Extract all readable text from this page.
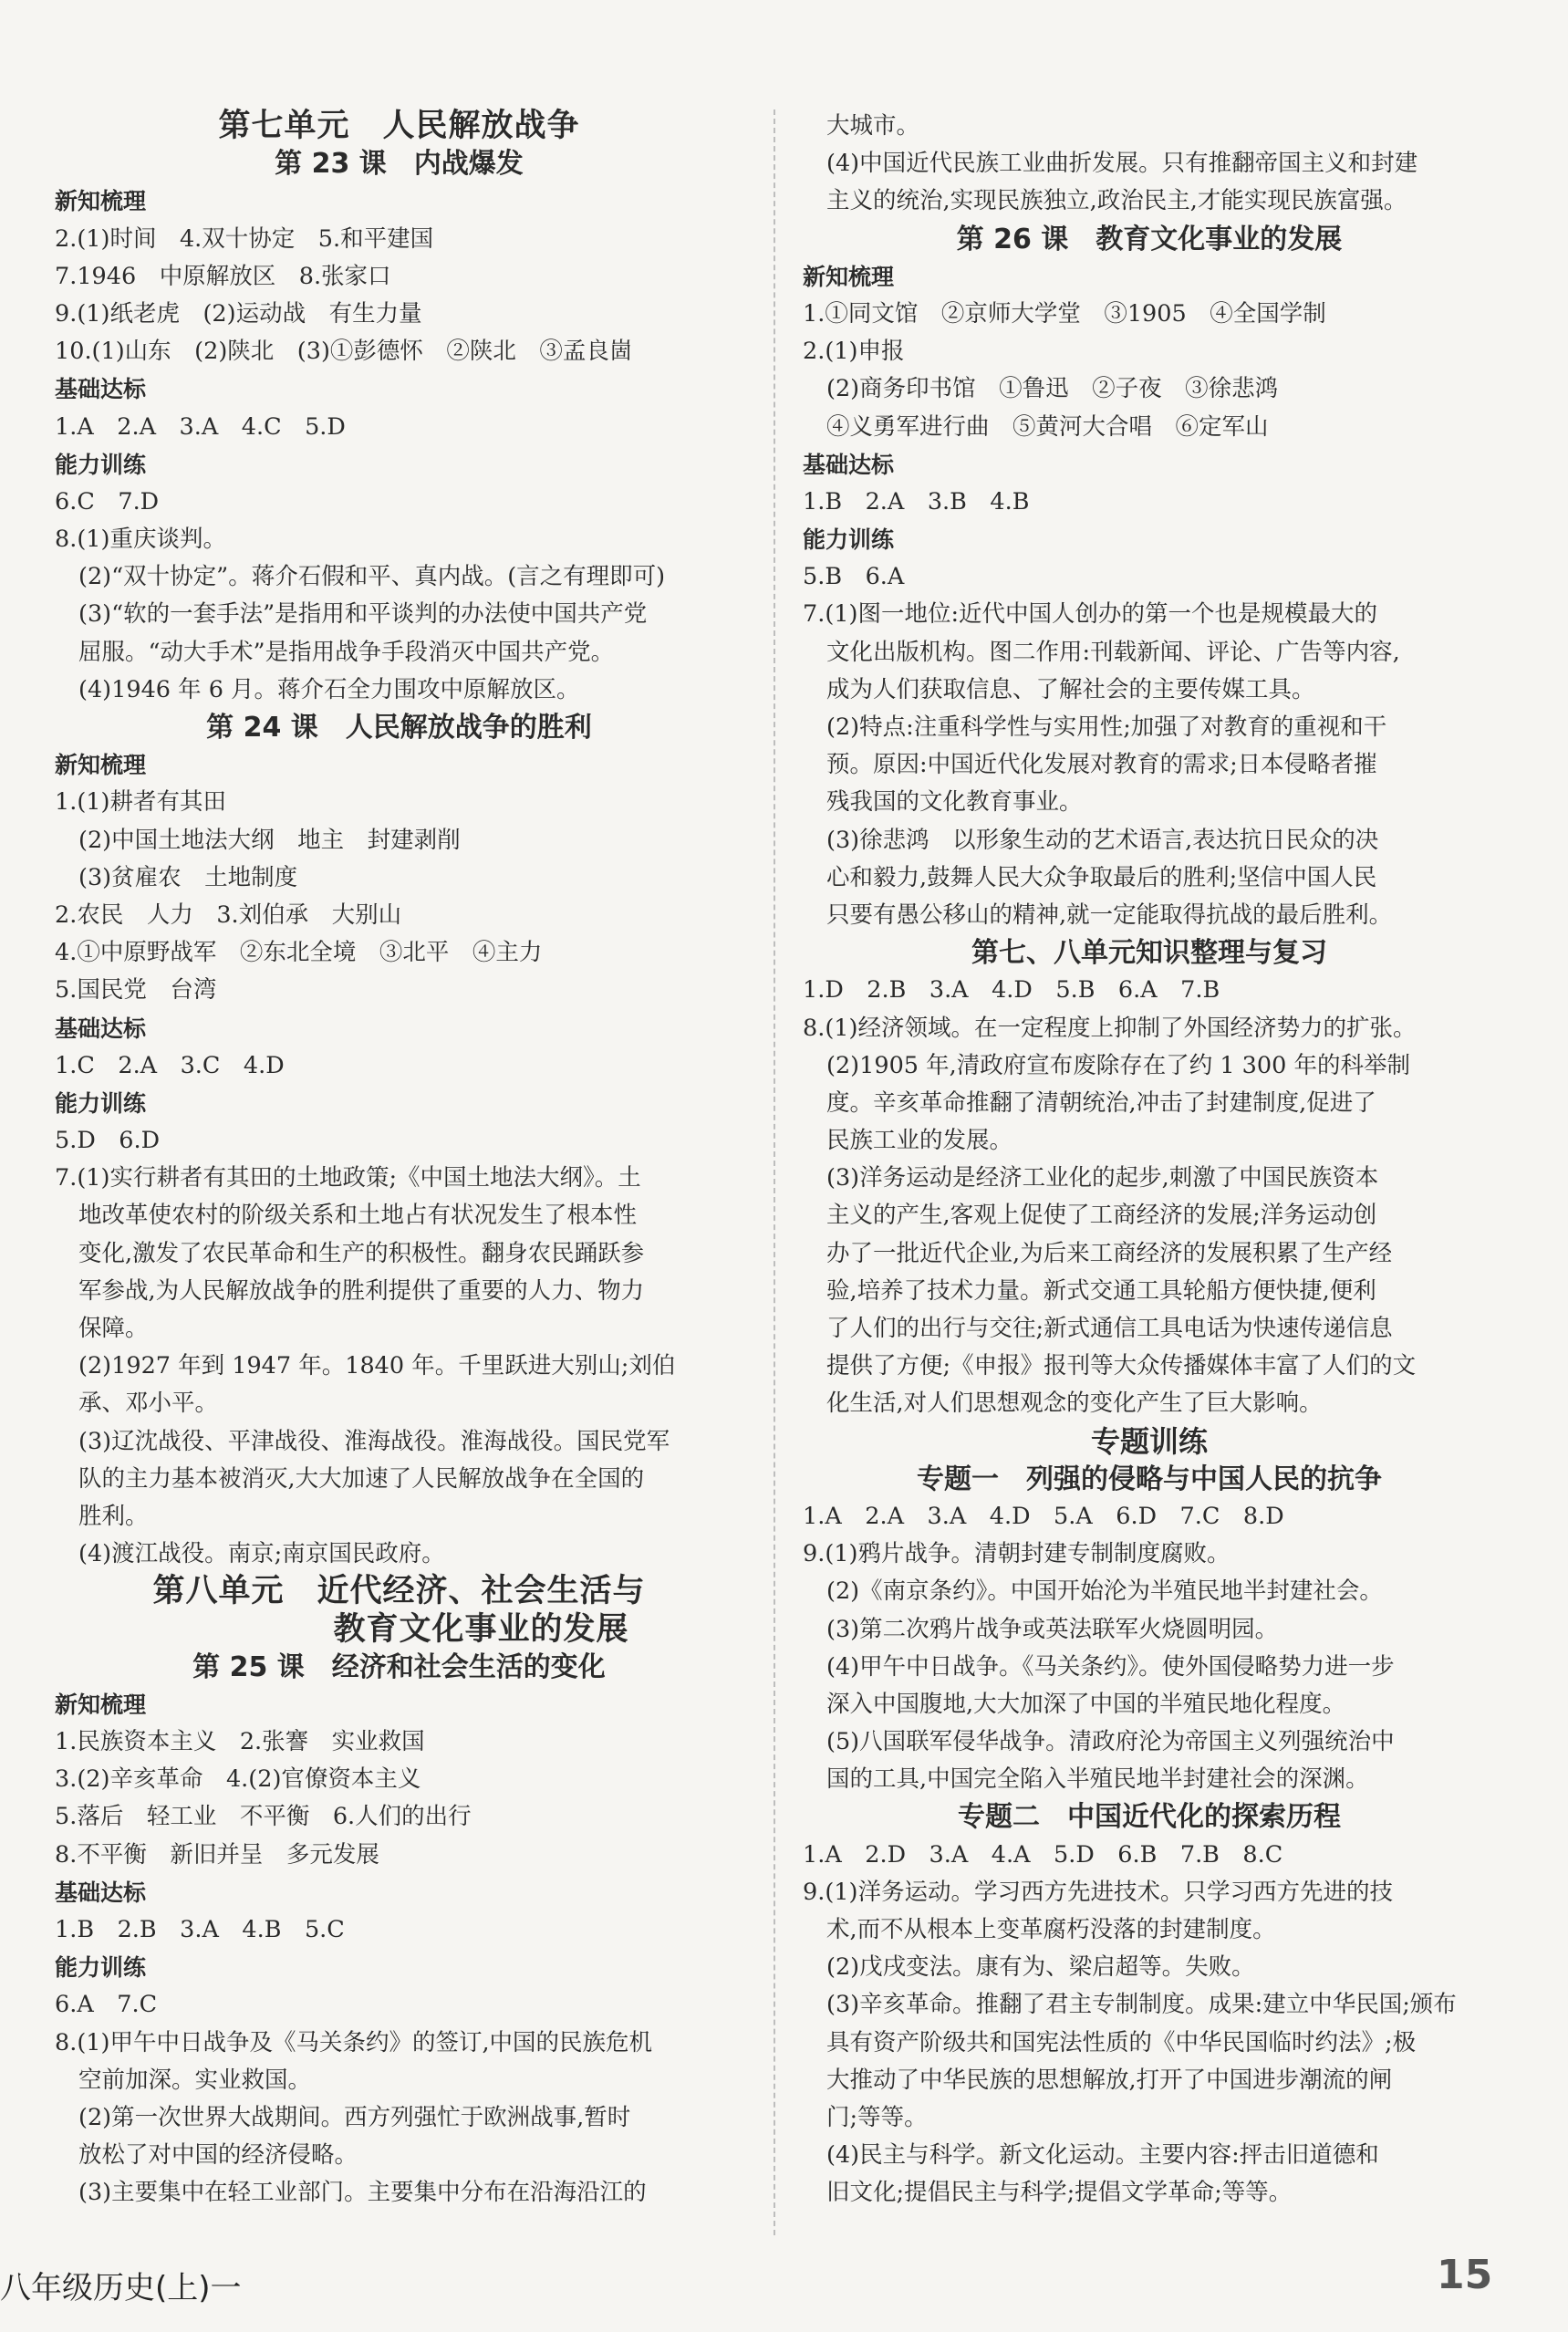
第七单元　人民解放战争
第 23 课　内战爆发
新知梳理
2.(1)时间　4.双十协定　5.和平建国
7.1946　中原解放区　8.张家口
9.(1)纸老虎　(2)运动战　有生力量
10.(1)山东　(2)陕北　(3)①彭德怀　②陕北　③孟良崮
基础达标
1.A　2.A　3.A　4.C　5.D
能力训练
6.C　7.D
8.(1)重庆谈判。
(2)“双十协定”。蒋介石假和平、真内战。(言之有理即可)
(3)“软的一套手法”是指用和平谈判的办法使中国共产党
屈服。“动大手术”是指用战争手段消灭中国共产党。
(4)1946 年 6 月。蒋介石全力围攻中原解放区。
第 24 课　人民解放战争的胜利
新知梳理
1.(1)耕者有其田
(2)中国土地法大纲　地主　封建剥削
(3)贫雇农　土地制度
2.农民　人力　3.刘伯承　大别山
4.①中原野战军　②东北全境　③北平　④主力
5.国民党　台湾
基础达标
1.C　2.A　3.C　4.D
能力训练
5.D　6.D
7.(1)实行耕者有其田的土地政策;《中国土地法大纲》。土
地改革使农村的阶级关系和土地占有状况发生了根本性
变化,激发了农民革命和生产的积极性。翻身农民踊跃参
军参战,为人民解放战争的胜利提供了重要的人力、物力
保障。
(2)1927 年到 1947 年。1840 年。千里跃进大别山;刘伯
承、邓小平。
(3)辽沈战役、平津战役、淮海战役。淮海战役。国民党军
队的主力基本被消灭,大大加速了人民解放战争在全国的
胜利。
(4)渡江战役。南京;南京国民政府。
第八单元　近代经济、社会生活与
　　　　　教育文化事业的发展
第 25 课　经济和社会生活的变化
新知梳理
1.民族资本主义　2.张謇　实业救国
3.(2)辛亥革命　4.(2)官僚资本主义
5.落后　轻工业　不平衡　6.人们的出行
8.不平衡　新旧并呈　多元发展
基础达标
1.B　2.B　3.A　4.B　5.C
能力训练
6.A　7.C
8.(1)甲午中日战争及《马关条约》的签订,中国的民族危机
空前加深。实业救国。
(2)第一次世界大战期间。西方列强忙于欧洲战事,暂时
放松了对中国的经济侵略。
(3)主要集中在轻工业部门。主要集中分布在沿海沿江的
大城市。
(4)中国近代民族工业曲折发展。只有推翻帝国主义和封建
主义的统治,实现民族独立,政治民主,才能实现民族富强。
第 26 课　教育文化事业的发展
新知梳理
1.①同文馆　②京师大学堂　③1905　④全国学制
2.(1)申报
(2)商务印书馆　①鲁迅　②子夜　③徐悲鸿
④义勇军进行曲　⑤黄河大合唱　⑥定军山
基础达标
1.B　2.A　3.B　4.B
能力训练
5.B　6.A
7.(1)图一地位:近代中国人创办的第一个也是规模最大的
文化出版机构。图二作用:刊载新闻、评论、广告等内容,
成为人们获取信息、了解社会的主要传媒工具。
(2)特点:注重科学性与实用性;加强了对教育的重视和干
预。原因:中国近代化发展对教育的需求;日本侵略者摧
残我国的文化教育事业。
(3)徐悲鸿　以形象生动的艺术语言,表达抗日民众的决
心和毅力,鼓舞人民大众争取最后的胜利;坚信中国人民
只要有愚公移山的精神,就一定能取得抗战的最后胜利。
第七、八单元知识整理与复习
1.D　2.B　3.A　4.D　5.B　6.A　7.B
8.(1)经济领域。在一定程度上抑制了外国经济势力的扩张。
(2)1905 年,清政府宣布废除存在了约 1 300 年的科举制
度。辛亥革命推翻了清朝统治,冲击了封建制度,促进了
民族工业的发展。
(3)洋务运动是经济工业化的起步,刺激了中国民族资本
主义的产生,客观上促使了工商经济的发展;洋务运动创
办了一批近代企业,为后来工商经济的发展积累了生产经
验,培养了技术力量。新式交通工具轮船方便快捷,便利
了人们的出行与交往;新式通信工具电话为快速传递信息
提供了方便;《申报》报刊等大众传播媒体丰富了人们的文
化生活,对人们思想观念的变化产生了巨大影响。
专题训练
专题一　列强的侵略与中国人民的抗争
1.A　2.A　3.A　4.D　5.A　6.D　7.C　8.D
9.(1)鸦片战争。清朝封建专制制度腐败。
(2)《南京条约》。中国开始沦为半殖民地半封建社会。
(3)第二次鸦片战争或英法联军火烧圆明园。
(4)甲午中日战争。《马关条约》。使外国侵略势力进一步
深入中国腹地,大大加深了中国的半殖民地化程度。
(5)八国联军侵华战争。清政府沦为帝国主义列强统治中
国的工具,中国完全陷入半殖民地半封建社会的深渊。
专题二　中国近代化的探索历程
1.A　2.D　3.A　4.A　5.D　6.B　7.B　8.C
9.(1)洋务运动。学习西方先进技术。只学习西方先进的技
术,而不从根本上变革腐朽没落的封建制度。
(2)戊戌变法。康有为、梁启超等。失败。
(3)辛亥革命。推翻了君主专制制度。成果:建立中华民国;颁布
具有资产阶级共和国宪法性质的《中华民国临时约法》;极
大推动了中华民族的思想解放,打开了中国进步潮流的闸
门;等等。
(4)民主与科学。新文化运动。主要内容:抨击旧道德和
旧文化;提倡民主与科学;提倡文学革命;等等。
八年级历史(上)一	15
